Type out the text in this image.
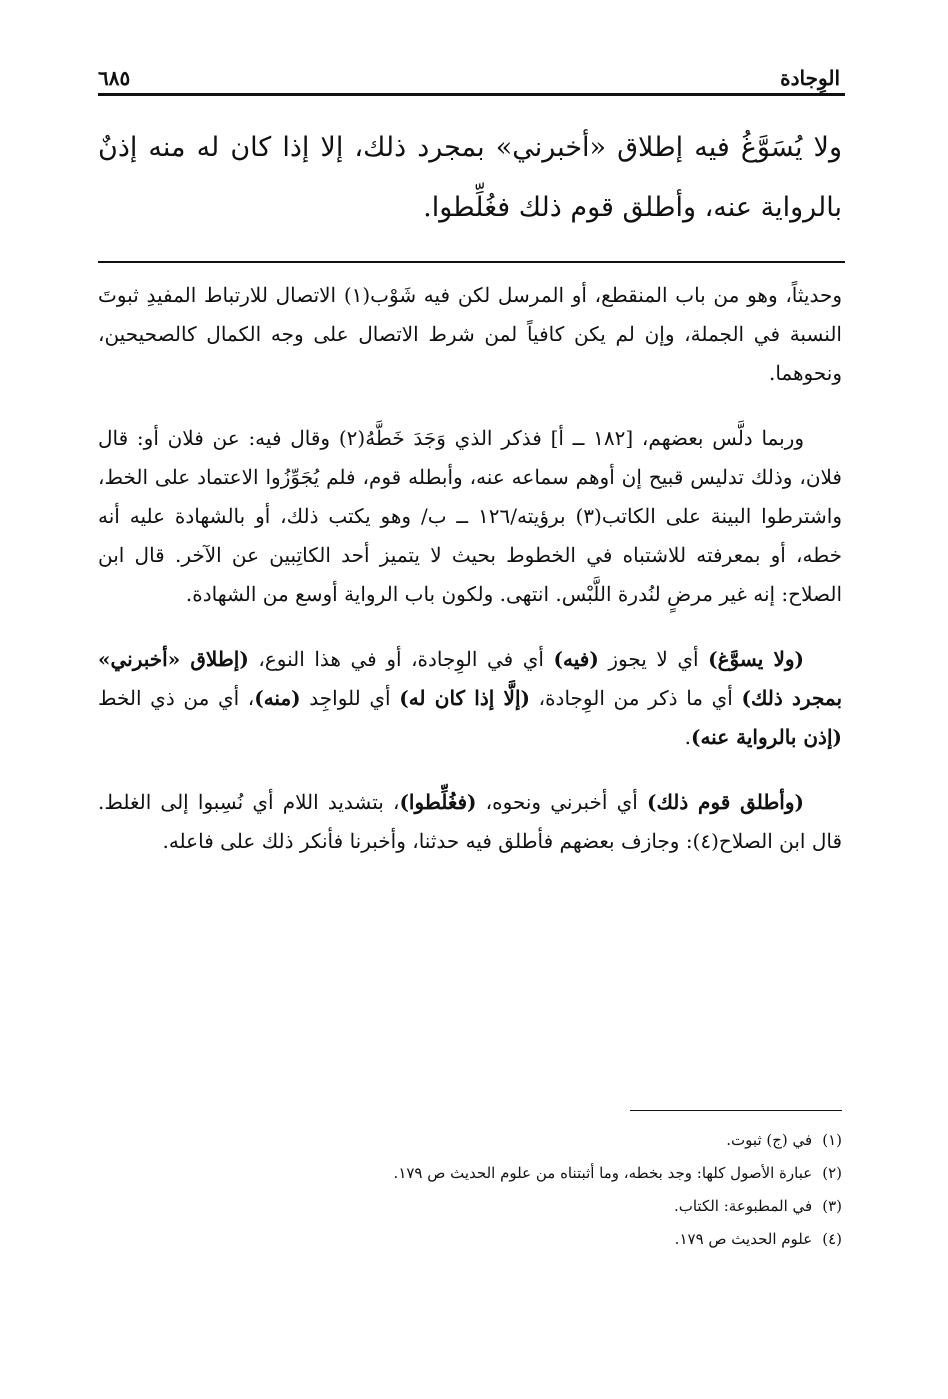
الوِجادة
٦٨٥

ولا يُسَوَّغُ فيه إطلاق «أخبرني» بمجرد ذلك، إلا إذا كان له منه إذنٌ بالرواية عنه، وأطلق قوم ذلك فغُلِّطوا.

وحديثاً، وهو من باب المنقطع، أو المرسل لكن فيه شَوْب(١) الاتصال للارتباط المفيدِ ثبوتَ النسبة في الجملة، وإن لم يكن كافياً لمن شرط الاتصال على وجه الكمال كالصحيحين، ونحوهما.

وربما دلَّس بعضهم، [١٨٢ ــ أ] فذكر الذي وَجَدَ خَطَّهُ(٢) وقال فيه: عن فلان أو: قال فلان، وذلك تدليس قبيح إن أوهم سماعه عنه، وأبطله قوم، فلم يُجَوِّزُوا الاعتماد على الخط، واشترطوا البينة على الكاتب(٣) برؤيته/١٢٦ ــ ب/ وهو يكتب ذلك، أو بالشهادة عليه أنه خطه، أو بمعرفته للاشتباه في الخطوط بحيث لا يتميز أحد الكاتِبين عن الآخر. قال ابن الصلاح: إنه غير مرضٍ لنُدرة اللَّبْس. انتهى. ولكون باب الرواية أوسع من الشهادة.

(ولا يسوَّغ) أي لا يجوز (فيه) أي في الوِجادة، أو في هذا النوع، (إطلاق «أخبرني» بمجرد ذلك) أي ما ذكر من الوِجادة، (إلَّا إذا كان له) أي للواجِد (منه)، أي من ذي الخط (إذن بالرواية عنه).

(وأطلق قوم ذلك) أي أخبرني ونحوه، (فغُلِّطوا)، بتشديد اللام أي نُسِبوا إلى الغلط. قال ابن الصلاح(٤): وجازف بعضهم فأطلق فيه حدثنا، وأخبرنا فأنكر ذلك على فاعله.

(١)
في (ج) ثبوت.
(٢)
عبارة الأصول كلها: وجد بخطه، وما أثبتناه من علوم الحديث ص ١٧٩.
(٣)
في المطبوعة: الكتاب.
(٤)
علوم الحديث ص ١٧٩.
